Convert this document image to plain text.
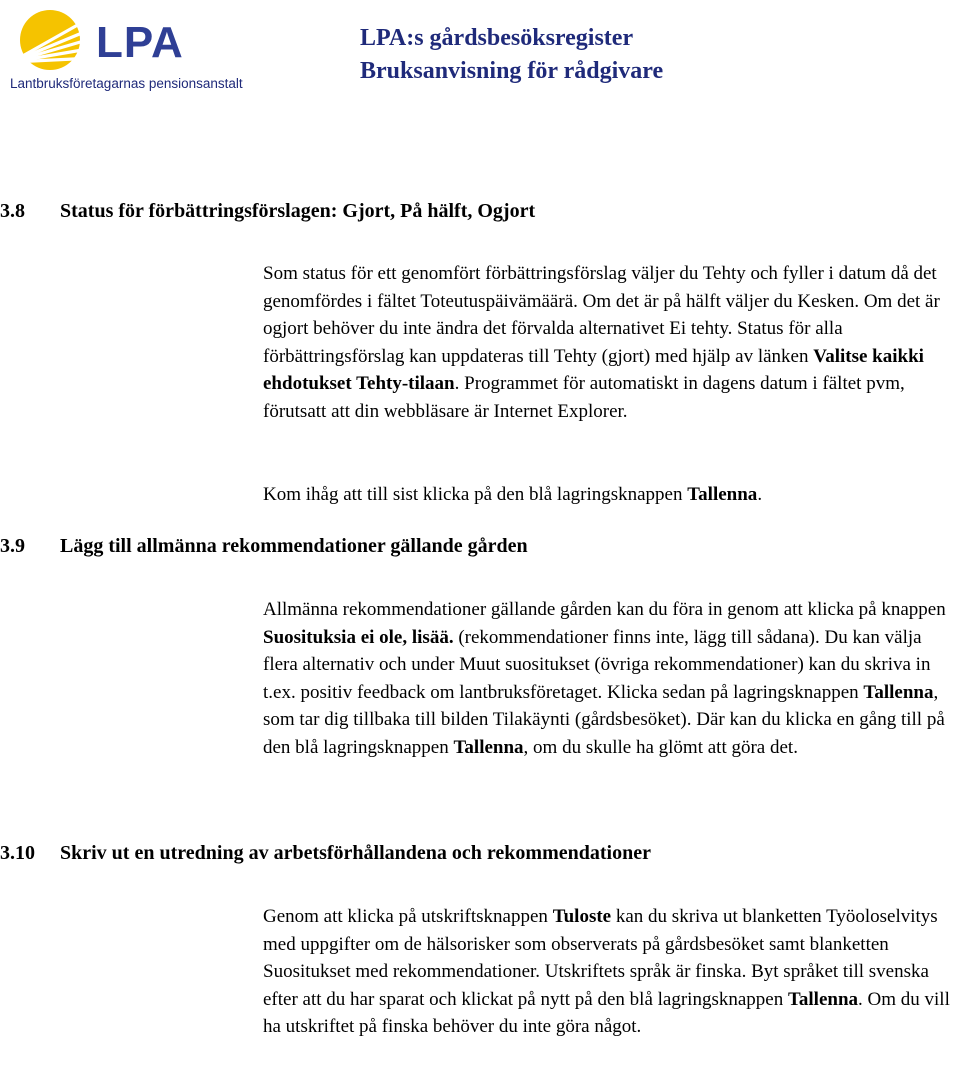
LPA
Lantbruksföretagarnas pensionsanstalt
LPA:s gårdsbesöksregister
Bruksanvisning för rådgivare
3.8 Status för förbättringsförslagen: Gjort, På hälft, Ogjort
Som status för ett genomfört förbättringsförslag väljer du Tehty och fyller i datum då det genomfördes i fältet Toteutuspäivämäärä. Om det är på hälft väljer du Kesken. Om det är ogjort behöver du inte ändra det förvalda alternativet Ei tehty. Status för alla förbättringsförslag kan uppdateras till Tehty (gjort) med hjälp av länken Valitse kaikki ehdotukset Tehty-tilaan. Programmet för automatiskt in dagens datum i fältet pvm, förutsatt att din webbläsare är Internet Explorer.
Kom ihåg att till sist klicka på den blå lagringsknappen Tallenna.
3.9 Lägg till allmänna rekommendationer gällande gården
Allmänna rekommendationer gällande gården kan du föra in genom att klicka på knappen Suosituksia ei ole, lisää. (rekommendationer finns inte, lägg till sådana). Du kan välja flera alternativ och under Muut suositukset (övriga rekommendationer) kan du skriva in t.ex. positiv feedback om lantbruksföretaget. Klicka sedan på lagringsknappen Tallenna, som tar dig tillbaka till bilden Tilakäynti (gårdsbesöket). Där kan du klicka en gång till på den blå lagringsknappen Tallenna, om du skulle ha glömt att göra det.
3.10 Skriv ut en utredning av arbetsförhållandena och rekommendationer
Genom att klicka på utskriftsknappen Tuloste kan du skriva ut blanketten Työoloselvitys med uppgifter om de hälsorisker som observerats på gårdsbesöket samt blanketten Suositukset med rekommendationer. Utskriftets språk är finska. Byt språket till svenska efter att du har sparat och klickat på nytt på den blå lagringsknappen Tallenna. Om du vill ha utskriftet på finska behöver du inte göra något.
